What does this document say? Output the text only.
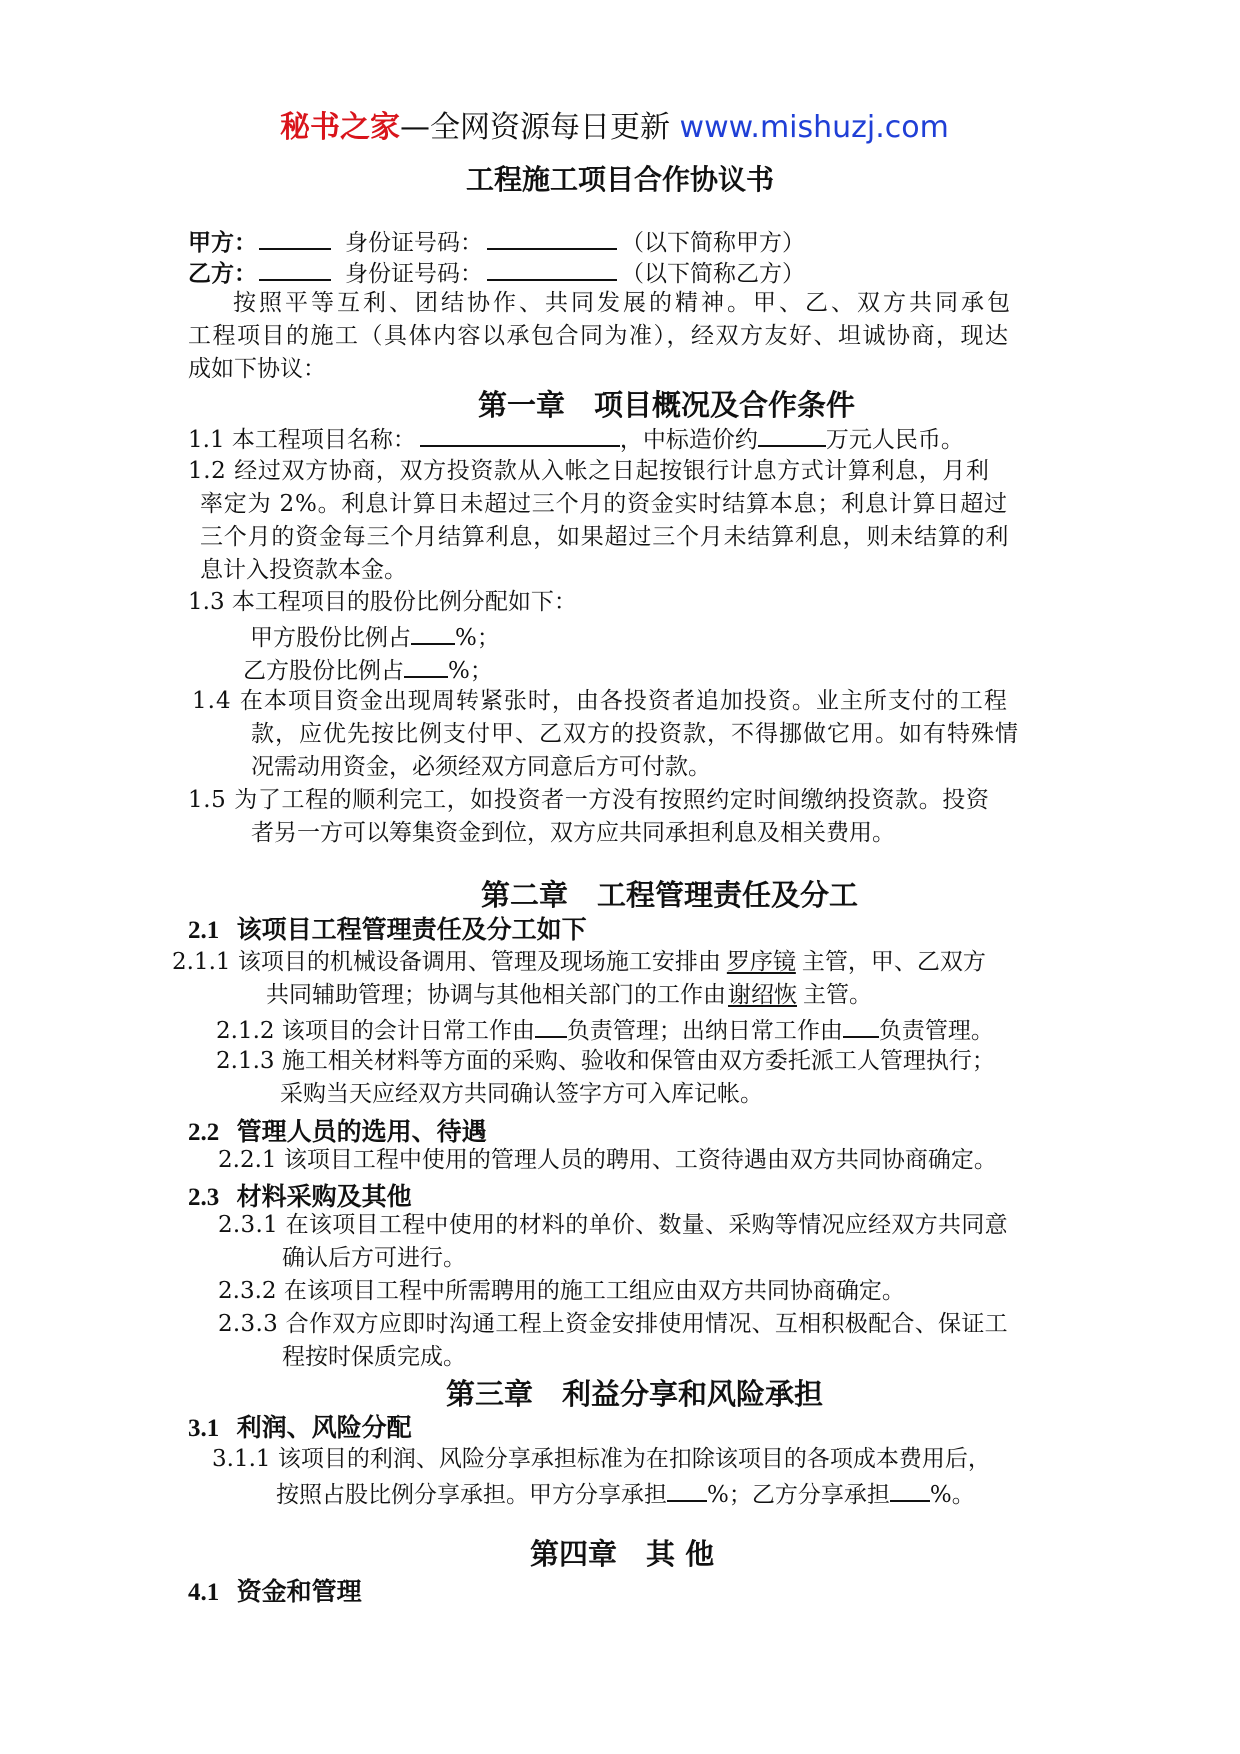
秘书之家—全网资源每日更新 www.mishuzj.com
工程施工项目合作协议书
甲方：	身份证号码：	（以下简称甲方）
乙方：	身份证号码：	（以下简称乙方）
按照平等互利、团结协作、共同发展的精神。甲、乙、双方共同承包
工程项目的施工（具体内容以承包合同为准），经双方友好、坦诚协商，现达
成如下协议：
第一章　项目概况及合作条件
1.1 本工程项目名称：	，中标造价约	万元人民币。
1.2 经过双方协商，双方投资款从入帐之日起按银行计息方式计算利息，月利
率定为 2%。利息计算日未超过三个月的资金实时结算本息；利息计算日超过
三个月的资金每三个月结算利息，如果超过三个月未结算利息，则未结算的利
息计入投资款本金。
1.3 本工程项目的股份比例分配如下：
甲方股份比例占 %；
乙方股份比例占 %；
1.4 在本项目资金出现周转紧张时，由各投资者追加投资。业主所支付的工程
款，应优先按比例支付甲、乙双方的投资款，不得挪做它用。如有特殊情
况需动用资金，必须经双方同意后方可付款。
1.5 为了工程的顺利完工，如投资者一方没有按照约定时间缴纳投资款。投资
者另一方可以筹集资金到位，双方应共同承担利息及相关费用。
第二章　工程管理责任及分工
2.1 该项目工程管理责任及分工如下
2.1.1 该项目的机械设备调用、管理及现场施工安排由 罗序镜 主管，甲、乙双方
共同辅助管理；协调与其他相关部门的工作由谢绍恢 主管。
2.1.2 该项目的会计日常工作由 负责管理；出纳日常工作由 负责管理。
2.1.3 施工相关材料等方面的采购、验收和保管由双方委托派工人管理执行；
采购当天应经双方共同确认签字方可入库记帐。
2.2 管理人员的选用、待遇
2.2.1 该项目工程中使用的管理人员的聘用、工资待遇由双方共同协商确定。
2.3 材料采购及其他
2.3.1 在该项目工程中使用的材料的单价、数量、采购等情况应经双方共同意
确认后方可进行。
2.3.2 在该项目工程中所需聘用的施工工组应由双方共同协商确定。
2.3.3 合作双方应即时沟通工程上资金安排使用情况、互相积极配合、保证工
程按时保质完成。
第三章　利益分享和风险承担
3.1 利润、风险分配
3.1.1 该项目的利润、风险分享承担标准为在扣除该项目的各项成本费用后，
按照占股比例分享承担。甲方分享承担 %；乙方分享承担 %。
第四章　其 他
4.1 资金和管理
